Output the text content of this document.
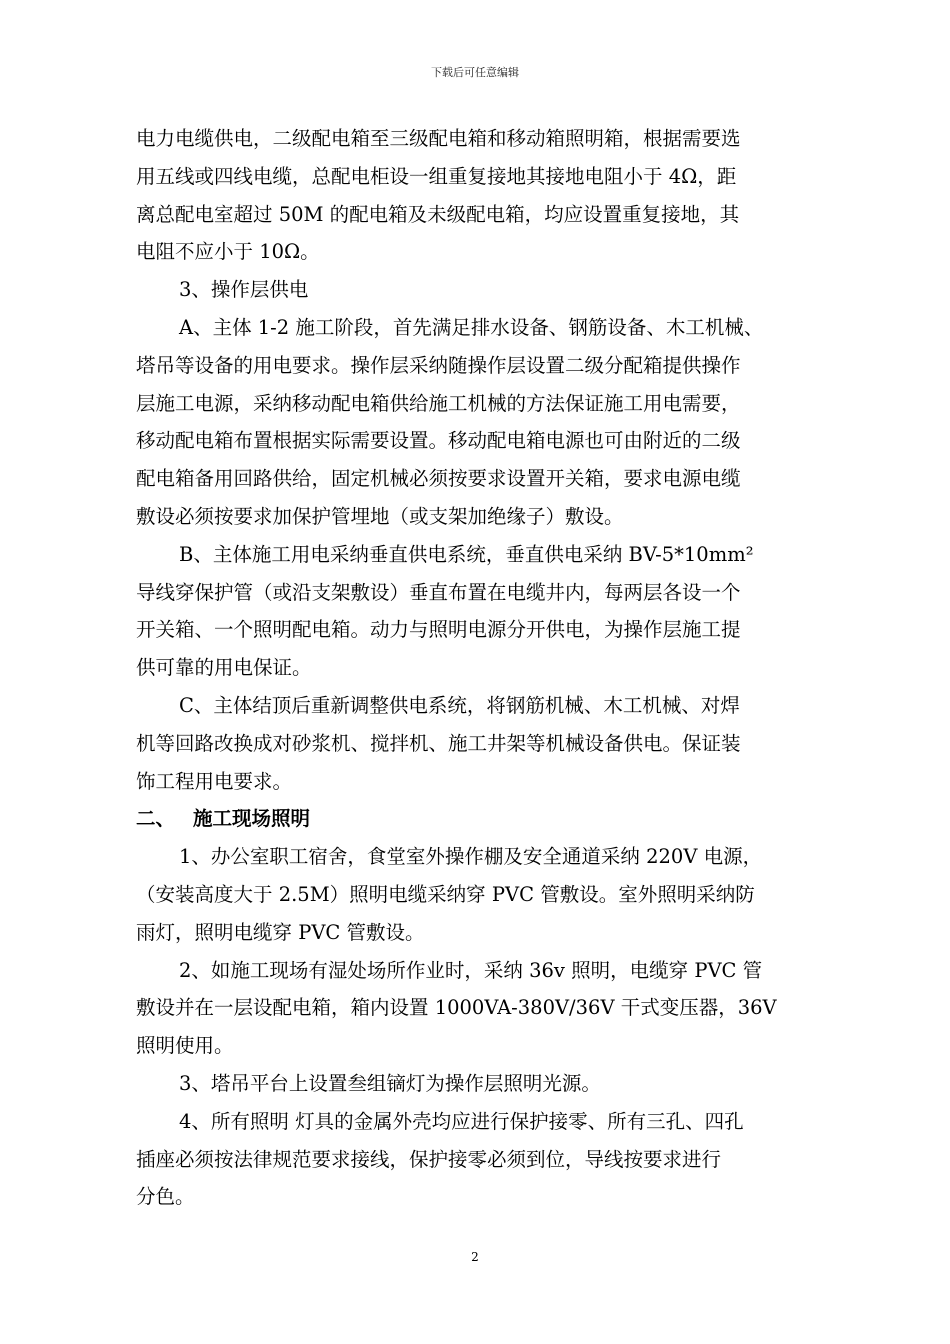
下载后可任意编辑
电力电缆供电，二级配电箱至三级配电箱和移动箱照明箱，根据需要选
用五线或四线电缆，总配电柜设一组重复接地其接地电阻小于 4Ω，距
离总配电室超过 50M 的配电箱及未级配电箱，均应设置重复接地，其
电阻不应小于 10Ω。
3、操作层供电
A、主体 1-2 施工阶段，首先满足排水设备、钢筋设备、木工机械、
塔吊等设备的用电要求。操作层采纳随操作层设置二级分配箱提供操作
层施工电源，采纳移动配电箱供给施工机械的方法保证施工用电需要，
移动配电箱布置根据实际需要设置。移动配电箱电源也可由附近的二级
配电箱备用回路供给，固定机械必须按要求设置开关箱，要求电源电缆
敷设必须按要求加保护管埋地（或支架加绝缘子）敷设。
B、主体施工用电采纳垂直供电系统，垂直供电采纳 BV-5*10mm²
导线穿保护管（或沿支架敷设）垂直布置在电缆井内，每两层各设一个
开关箱、一个照明配电箱。动力与照明电源分开供电，为操作层施工提
供可靠的用电保证。
C、主体结顶后重新调整供电系统，将钢筋机械、木工机械、对焊
机等回路改换成对砂浆机、搅拌机、施工井架等机械设备供电。保证装
饰工程用电要求。
二、 施工现场照明
1、办公室职工宿舍，食堂室外操作棚及安全通道采纳 220V 电源，
（安装高度大于 2.5M）照明电缆采纳穿 PVC 管敷设。室外照明采纳防
雨灯，照明电缆穿 PVC 管敷设。
2、如施工现场有湿处场所作业时，采纳 36v 照明，电缆穿 PVC 管
敷设并在一层设配电箱，箱内设置 1000VA-380V/36V 干式变压器，36V
照明使用。
3、塔吊平台上设置叁组镝灯为操作层照明光源。
4、所有照明 灯具的金属外壳均应进行保护接零、所有三孔、四孔
插座必须按法律规范要求接线，保护接零必须到位，导线按要求进行
分色。
2
